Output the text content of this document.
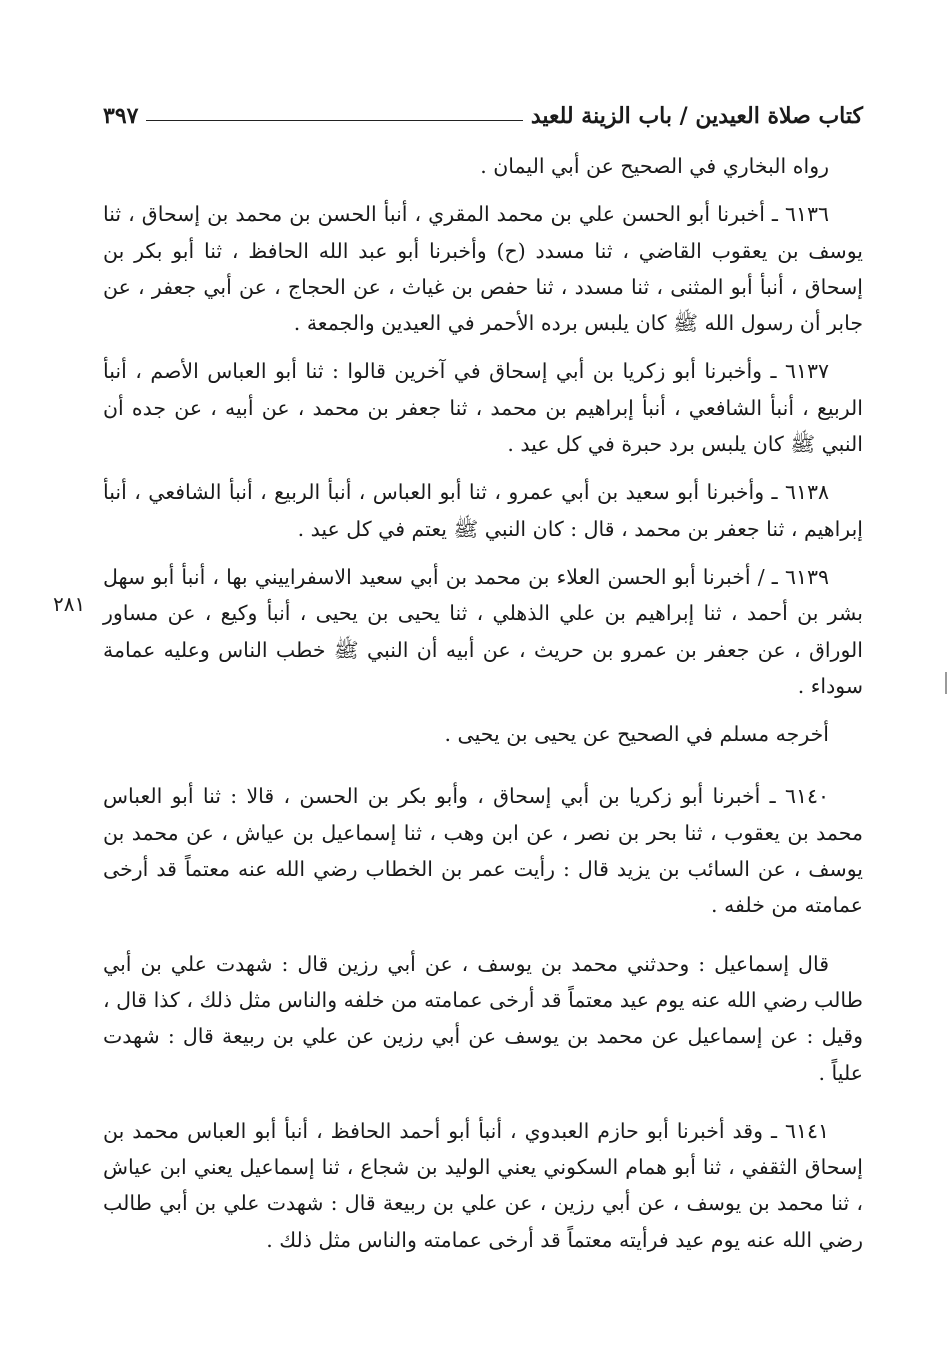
كتاب صلاة العيدين / باب الزينة للعيد
٣٩٧

رواه البخاري في الصحيح عن أبي اليمان .

٦١٣٦ ـ أخبرنا أبو الحسن علي بن محمد المقري ، أنبأ الحسن بن محمد بن إسحاق ، ثنا يوسف بن يعقوب القاضي ، ثنا مسدد (ح) وأخبرنا أبو عبد الله الحافظ ، ثنا أبو بكر بن إسحاق ، أنبأ أبو المثنى ، ثنا مسدد ، ثنا حفص بن غياث ، عن الحجاج ، عن أبي جعفر ، عن جابر أن رسول الله ﷺ كان يلبس برده الأحمر في العيدين والجمعة .

٦١٣٧ ـ وأخبرنا أبو زكريا بن أبي إسحاق في آخرين قالوا : ثنا أبو العباس الأصم ، أنبأ الربيع ، أنبأ الشافعي ، أنبأ إبراهيم بن محمد ، ثنا جعفر بن محمد ، عن أبيه ، عن جده أن النبي ﷺ كان يلبس برد حبرة في كل عيد .

٦١٣٨ ـ وأخبرنا أبو سعيد بن أبي عمرو ، ثنا أبو العباس ، أنبأ الربيع ، أنبأ الشافعي ، أنبأ إبراهيم ، ثنا جعفر بن محمد ، قال : كان النبي ﷺ يعتم في كل عيد .

٦١٣٩ ـ / أخبرنا أبو الحسن العلاء بن محمد بن أبي سعيد الاسفراييني بها ، أنبأ أبو سهل بشر بن أحمد ، ثنا إبراهيم بن علي الذهلي ، ثنا يحيى بن يحيى ، أنبأ وكيع ، عن مساور الوراق ، عن جعفر بن عمرو بن حريث ، عن أبيه أن النبي ﷺ خطب الناس وعليه عمامة سوداء .

أخرجه مسلم في الصحيح عن يحيى بن يحيى .

٦١٤٠ ـ أخبرنا أبو زكريا بن أبي إسحاق ، وأبو بكر بن الحسن ، قالا : ثنا أبو العباس محمد بن يعقوب ، ثنا بحر بن نصر ، عن ابن وهب ، ثنا إسماعيل بن عياش ، عن محمد بن يوسف ، عن السائب بن يزيد قال : رأيت عمر بن الخطاب رضي الله عنه معتماً قد أرخى عمامته من خلفه .

قال إسماعيل : وحدثني محمد بن يوسف ، عن أبي رزين قال : شهدت علي بن أبي طالب رضي الله عنه يوم عيد معتماً قد أرخى عمامته من خلفه والناس مثل ذلك ، كذا قال ، وقيل : عن إسماعيل عن محمد بن يوسف عن أبي رزين عن علي بن ربيعة قال : شهدت علياً .

٦١٤١ ـ وقد أخبرنا أبو حازم العبدوي ، أنبأ أبو أحمد الحافظ ، أنبأ أبو العباس محمد بن إسحاق الثقفي ، ثنا أبو همام السكوني يعني الوليد بن شجاع ، ثنا إسماعيل يعني ابن عياش ، ثنا محمد بن يوسف ، عن أبي رزين ، عن علي بن ربيعة قال : شهدت علي بن أبي طالب رضي الله عنه يوم عيد فرأيته معتماً قد أرخى عمامته والناس مثل ذلك .

٢٨١
